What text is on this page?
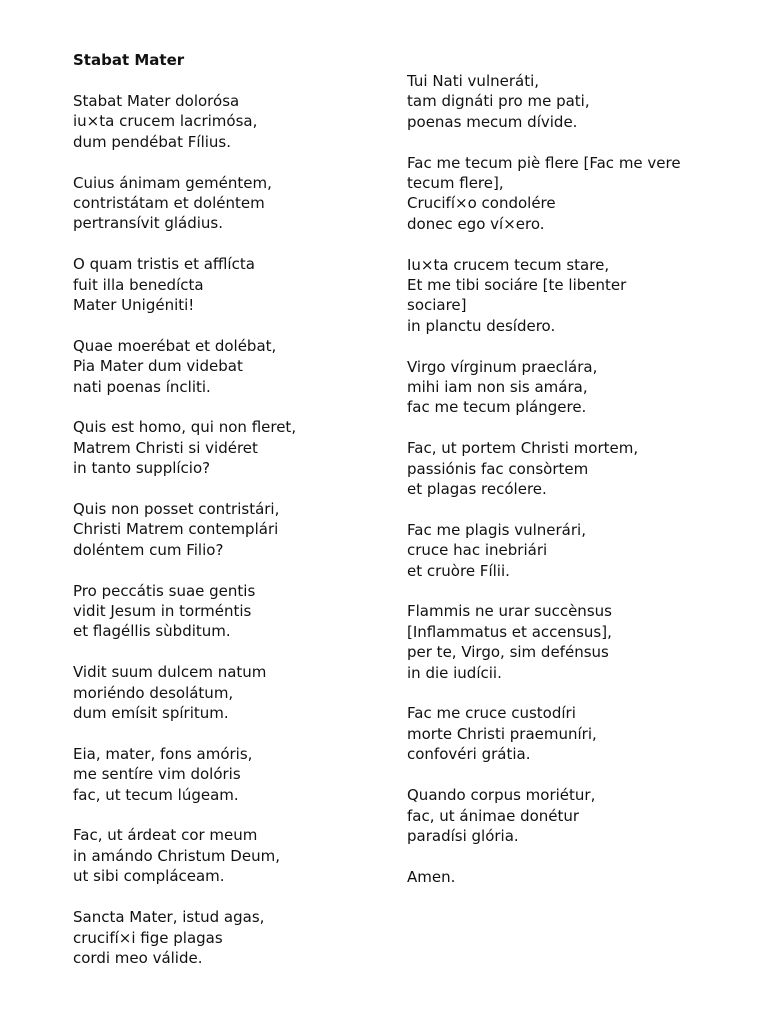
Stabat Mater
Stabat Mater dolorósa
iu×ta crucem lacrimósa,
dum pendébat Fílius.
Cuius ánimam geméntem,
contristátam et doléntem
pertransívit gládius.
O quam tristis et afflícta
fuit illa benedícta
Mater Unigéniti!
Quae moerébat et dolébat,
Pia Mater dum videbat
nati poenas íncliti.
Quis est homo, qui non fleret,
Matrem Christi si vidéret
in tanto supplício?
Quis non posset contristári,
Christi Matrem contemplári
doléntem cum Filio?
Pro peccátis suae gentis
vidit Jesum in torméntis
et flagéllis sùbditum.
Vidit suum dulcem natum
moriéndo desolátum,
dum emísit spíritum.
Eia, mater, fons amóris,
me sentíre vim dolóris
fac, ut tecum lúgeam.
Fac, ut árdeat cor meum
in amándo Christum Deum,
ut sibi compláceam.
Sancta Mater, istud agas,
crucifí×i fige plagas
cordi meo válide.
Tui Nati vulneráti,
tam dignáti pro me pati,
poenas mecum dívide.
Fac me tecum piè flere [Fac me vere
tecum flere],
Crucifí×o condolére
donec ego ví×ero.
Iu×ta crucem tecum stare,
Et me tibi sociáre [te libenter
sociare]
in planctu desídero.
Virgo vírginum praeclára,
mihi iam non sis amára,
fac me tecum plángere.
Fac, ut portem Christi mortem,
passiónis fac consòrtem
et plagas recólere.
Fac me plagis vulnerári,
cruce hac inebriári
et cruòre Fílii.
Flammis ne urar succènsus
[Inflammatus et accensus],
per te, Virgo, sim defénsus
in die iudícii.
Fac me cruce custodíri
morte Christi praemuníri,
confovéri grátia.
Quando corpus moriétur,
fac, ut ánimae donétur
paradísi glória.
Amen.
